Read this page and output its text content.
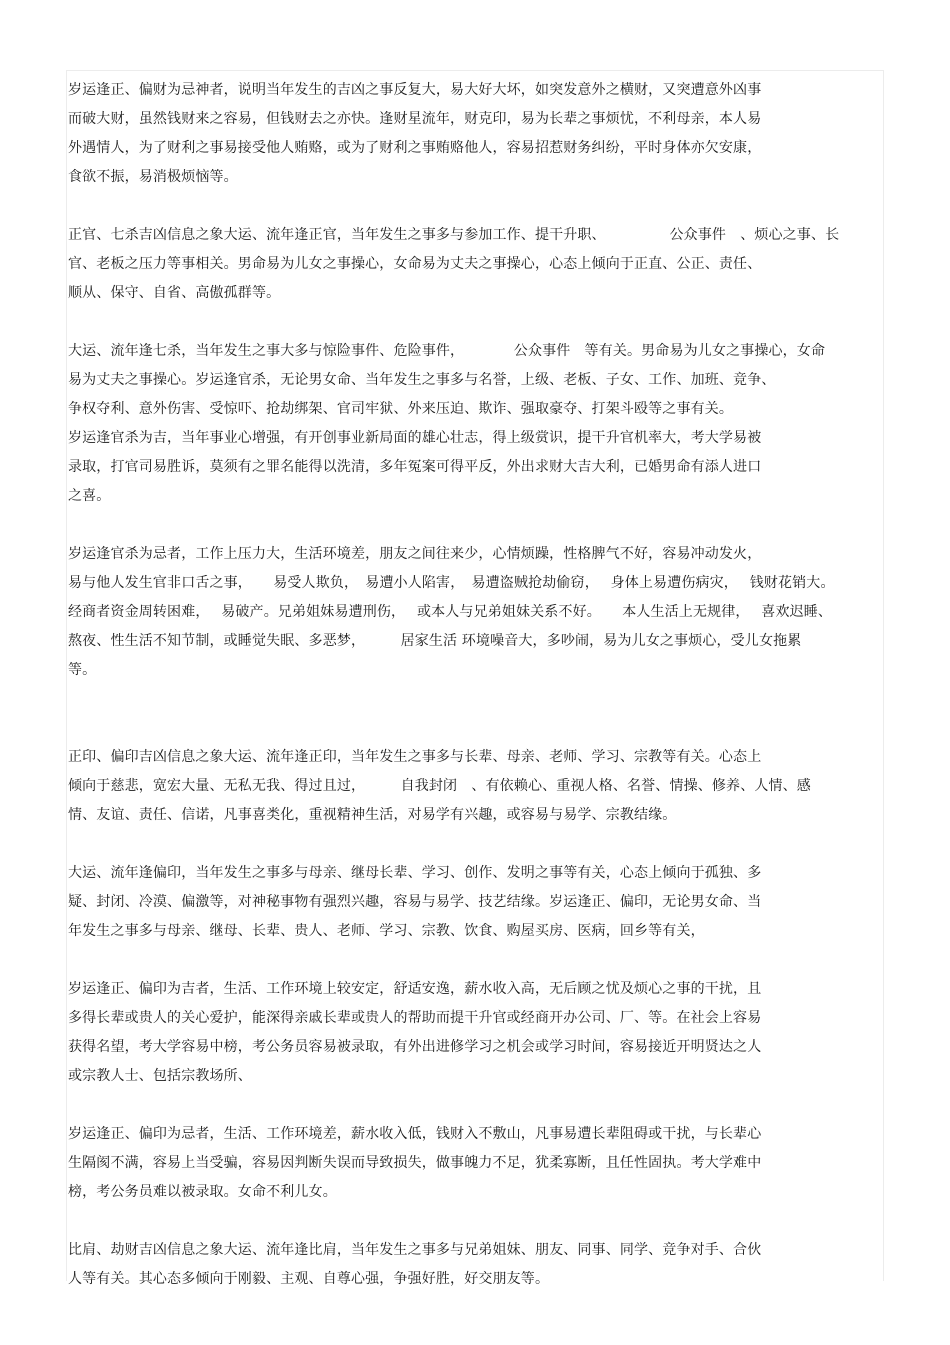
岁运逢正、偏财为忌神者，说明当年发生的吉凶之事反复大，易大好大坏，如突发意外之横财，又突遭意外凶事
而破大财，虽然钱财来之容易，但钱财去之亦快。逢财星流年，财克印，易为长辈之事烦忧，不利母亲，本人易
外遇情人，为了财利之事易接受他人贿赂，或为了财利之事贿赂他人，容易招惹财务纠纷，平时身体亦欠安康，
食欲不振，易消极烦恼等。
正官、七杀吉凶信息之象大运、流年逢正官，当年发生之事多与参加工作、提干升职、　　　　　公众事件　、烦心之事、长
官、老板之压力等事相关。男命易为儿女之事操心，女命易为丈夫之事操心，心态上倾向于正直、公正、责任、
顺从、保守、自省、高傲孤群等。
大运、流年逢七杀，当年发生之事大多与惊险事件、危险事件，　　　　公众事件　等有关。男命易为儿女之事操心，女命
易为丈夫之事操心。岁运逢官杀，无论男女命、当年发生之事多与名誉，上级、老板、子女、工作、加班、竞争、
争权夺利、意外伤害、受惊吓、抢劫绑架、官司牢狱、外来压迫、欺诈、强取豪夺、打架斗殴等之事有关。
岁运逢官杀为吉，当年事业心增强，有开创事业新局面的雄心壮志，得上级赏识，提干升官机率大，考大学易被
录取，打官司易胜诉，莫须有之罪名能得以洗清，多年冤案可得平反，外出求财大吉大利，已婚男命有添人进口
之喜。
岁运逢官杀为忌者，工作上压力大，生活环境差，朋友之间往来少，心情烦躁，性格脾气不好，容易冲动发火，
易与他人发生官非口舌之事，　　易受人欺负，　易遭小人陷害，　易遭盗贼抢劫偷窃，　 身体上易遭伤病灾，　 钱财花销大。
经商者资金周转困难，　 易破产。兄弟姐妹易遭刑伤，　 或本人与兄弟姐妹关系不好。　　本人生活上无规律，　 喜欢迟睡、
熬夜、性生活不知节制，或睡觉失眠、多恶梦，　　　居家生活 环境噪音大，多吵闹，易为儿女之事烦心，受儿女拖累
等。
正印、偏印吉凶信息之象大运、流年逢正印，当年发生之事多与长辈、母亲、老师、学习、宗教等有关。心态上
倾向于慈悲，宽宏大量、无私无我、得过且过，　　　自我封闭　、有依赖心、重视人格、名誉、情操、修养、人情、感
情、友谊、责任、信诺，凡事喜类化，重视精神生活，对易学有兴趣，或容易与易学、宗教结缘。
大运、流年逢偏印，当年发生之事多与母亲、继母长辈、学习、创作、发明之事等有关，心态上倾向于孤独、多
疑、封闭、冷漠、偏激等，对神秘事物有强烈兴趣，容易与易学、技艺结缘。岁运逢正、偏印，无论男女命、当
年发生之事多与母亲、继母、长辈、贵人、老师、学习、宗教、饮食、购屋买房、医病，回乡等有关，
岁运逢正、偏印为吉者，生活、工作环境上较安定，舒适安逸，薪水收入高，无后顾之忧及烦心之事的干扰，且
多得长辈或贵人的关心爱护，能深得亲戚长辈或贵人的帮助而提干升官或经商开办公司、厂、等。在社会上容易
获得名望，考大学容易中榜，考公务员容易被录取，有外出进修学习之机会或学习时间，容易接近开明贤达之人
或宗教人士、包括宗教场所、
岁运逢正、偏印为忌者，生活、工作环境差，薪水收入低，钱财入不敷山，凡事易遭长辈阻碍或干扰，与长辈心
生隔阂不满，容易上当受骗，容易因判断失误而导致损失，做事魄力不足，犹柔寡断，且任性固执。考大学难中
榜，考公务员难以被录取。女命不利儿女。
比肩、劫财吉凶信息之象大运、流年逢比肩，当年发生之事多与兄弟姐妹、朋友、同事、同学、竞争对手、合伙
人等有关。其心态多倾向于刚毅、主观、自尊心强，争强好胜，好交朋友等。
